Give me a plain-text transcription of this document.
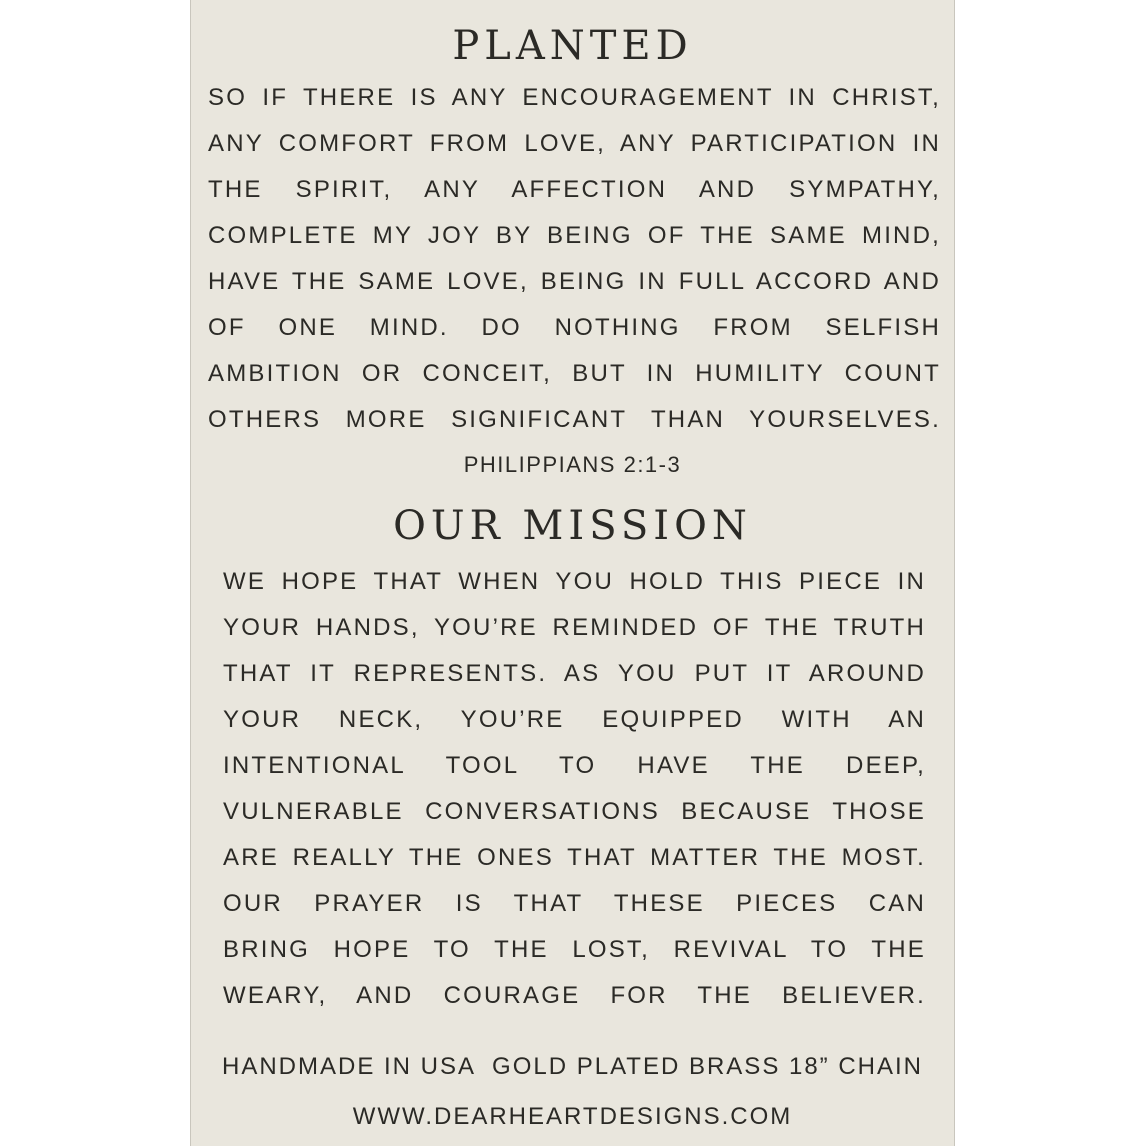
PLANTED

SO IF THERE IS ANY ENCOURAGEMENT IN CHRIST,
ANY COMFORT FROM LOVE, ANY PARTICIPATION IN
THE SPIRIT, ANY AFFECTION AND SYMPATHY,
COMPLETE MY JOY BY BEING OF THE SAME MIND,
HAVE THE SAME LOVE, BEING IN FULL ACCORD AND
OF ONE MIND. DO NOTHING FROM SELFISH
AMBITION OR CONCEIT, BUT IN HUMILITY COUNT
OTHERS MORE SIGNIFICANT THAN YOURSELVES.

PHILIPPIANS 2:1-3

OUR MISSION

WE HOPE THAT WHEN YOU HOLD THIS PIECE IN
YOUR HANDS, YOU’RE REMINDED OF THE TRUTH
THAT IT REPRESENTS. AS YOU PUT IT AROUND
YOUR NECK, YOU’RE EQUIPPED WITH AN
INTENTIONAL TOOL TO HAVE THE DEEP,
VULNERABLE CONVERSATIONS BECAUSE THOSE
ARE REALLY THE ONES THAT MATTER THE MOST.
OUR PRAYER IS THAT THESE PIECES CAN
BRING HOPE TO THE LOST, REVIVAL TO THE
WEARY, AND COURAGE FOR THE BELIEVER.

HANDMADE IN USA  GOLD PLATED BRASS 18” CHAIN

WWW.DEARHEARTDESIGNS.COM
